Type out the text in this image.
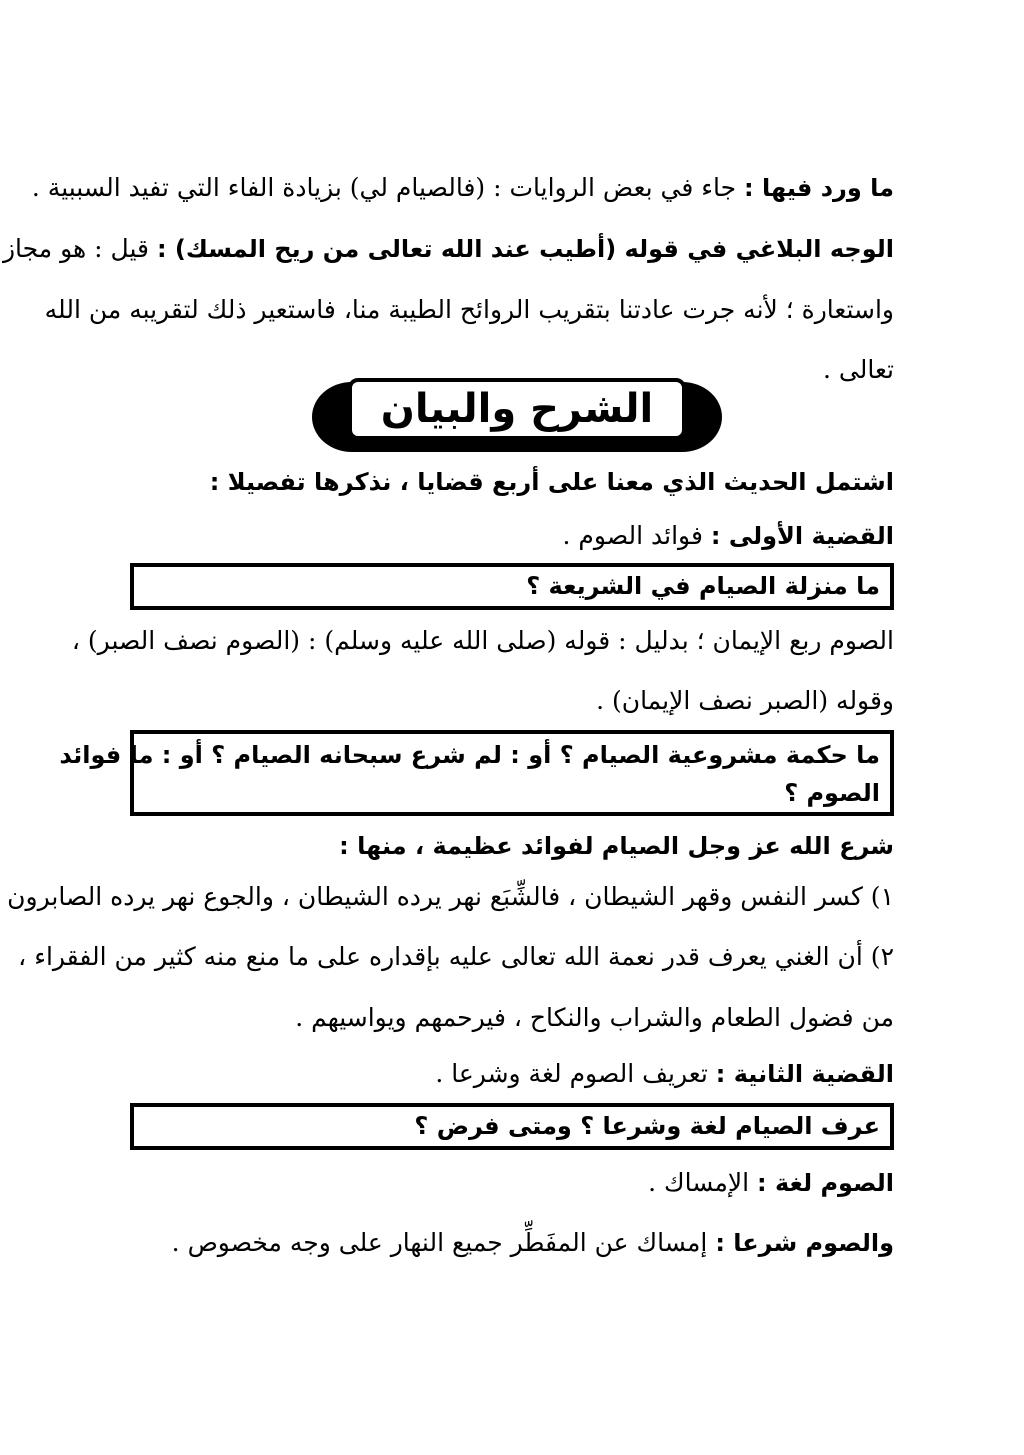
ما ورد فيها : جاء في بعض الروايات : (فالصيام لي) بزيادة الفاء التي تفيد السببية .
الوجه البلاغي في قوله (أطيب عند الله تعالى من ريح المسك) : قيل : هو مجاز
واستعارة ؛ لأنه جرت عادتنا بتقريب الروائح الطيبة منا، فاستعير ذلك لتقريبه من الله
تعالى .
الشرح والبيان
اشتمل الحديث الذي معنا على أربع قضايا ، نذكرها تفصيلا :
القضية الأولى : فوائد الصوم .
ما منزلة الصيام في الشريعة ؟
الصوم ربع الإيمان ؛ بدليل : قوله (صلى الله عليه وسلم) : (الصوم نصف الصبر) ،
وقوله (الصبر نصف الإيمان) .
ما حكمة مشروعية الصيام ؟ أو : لم شرع سبحانه الصيام ؟ أو : ما فوائد
الصوم ؟
شرع الله عز وجل الصيام لفوائد عظيمة ، منها :
١) كسر النفس وقهر الشيطان ، فالشِّبَع نهر يرده الشيطان ، والجوع نهر يرده الصابرون
٢) أن الغني يعرف قدر نعمة الله تعالى عليه بإقداره على ما منع منه كثير من الفقراء ،
من فضول الطعام والشراب والنكاح ، فيرحمهم ويواسيهم .
القضية الثانية : تعريف الصوم لغة وشرعا .
عرف الصيام لغة وشرعا ؟ ومتى فرض ؟
الصوم لغة : الإمساك .
والصوم شرعا : إمساك عن المفَطِّر جميع النهار على وجه مخصوص .
